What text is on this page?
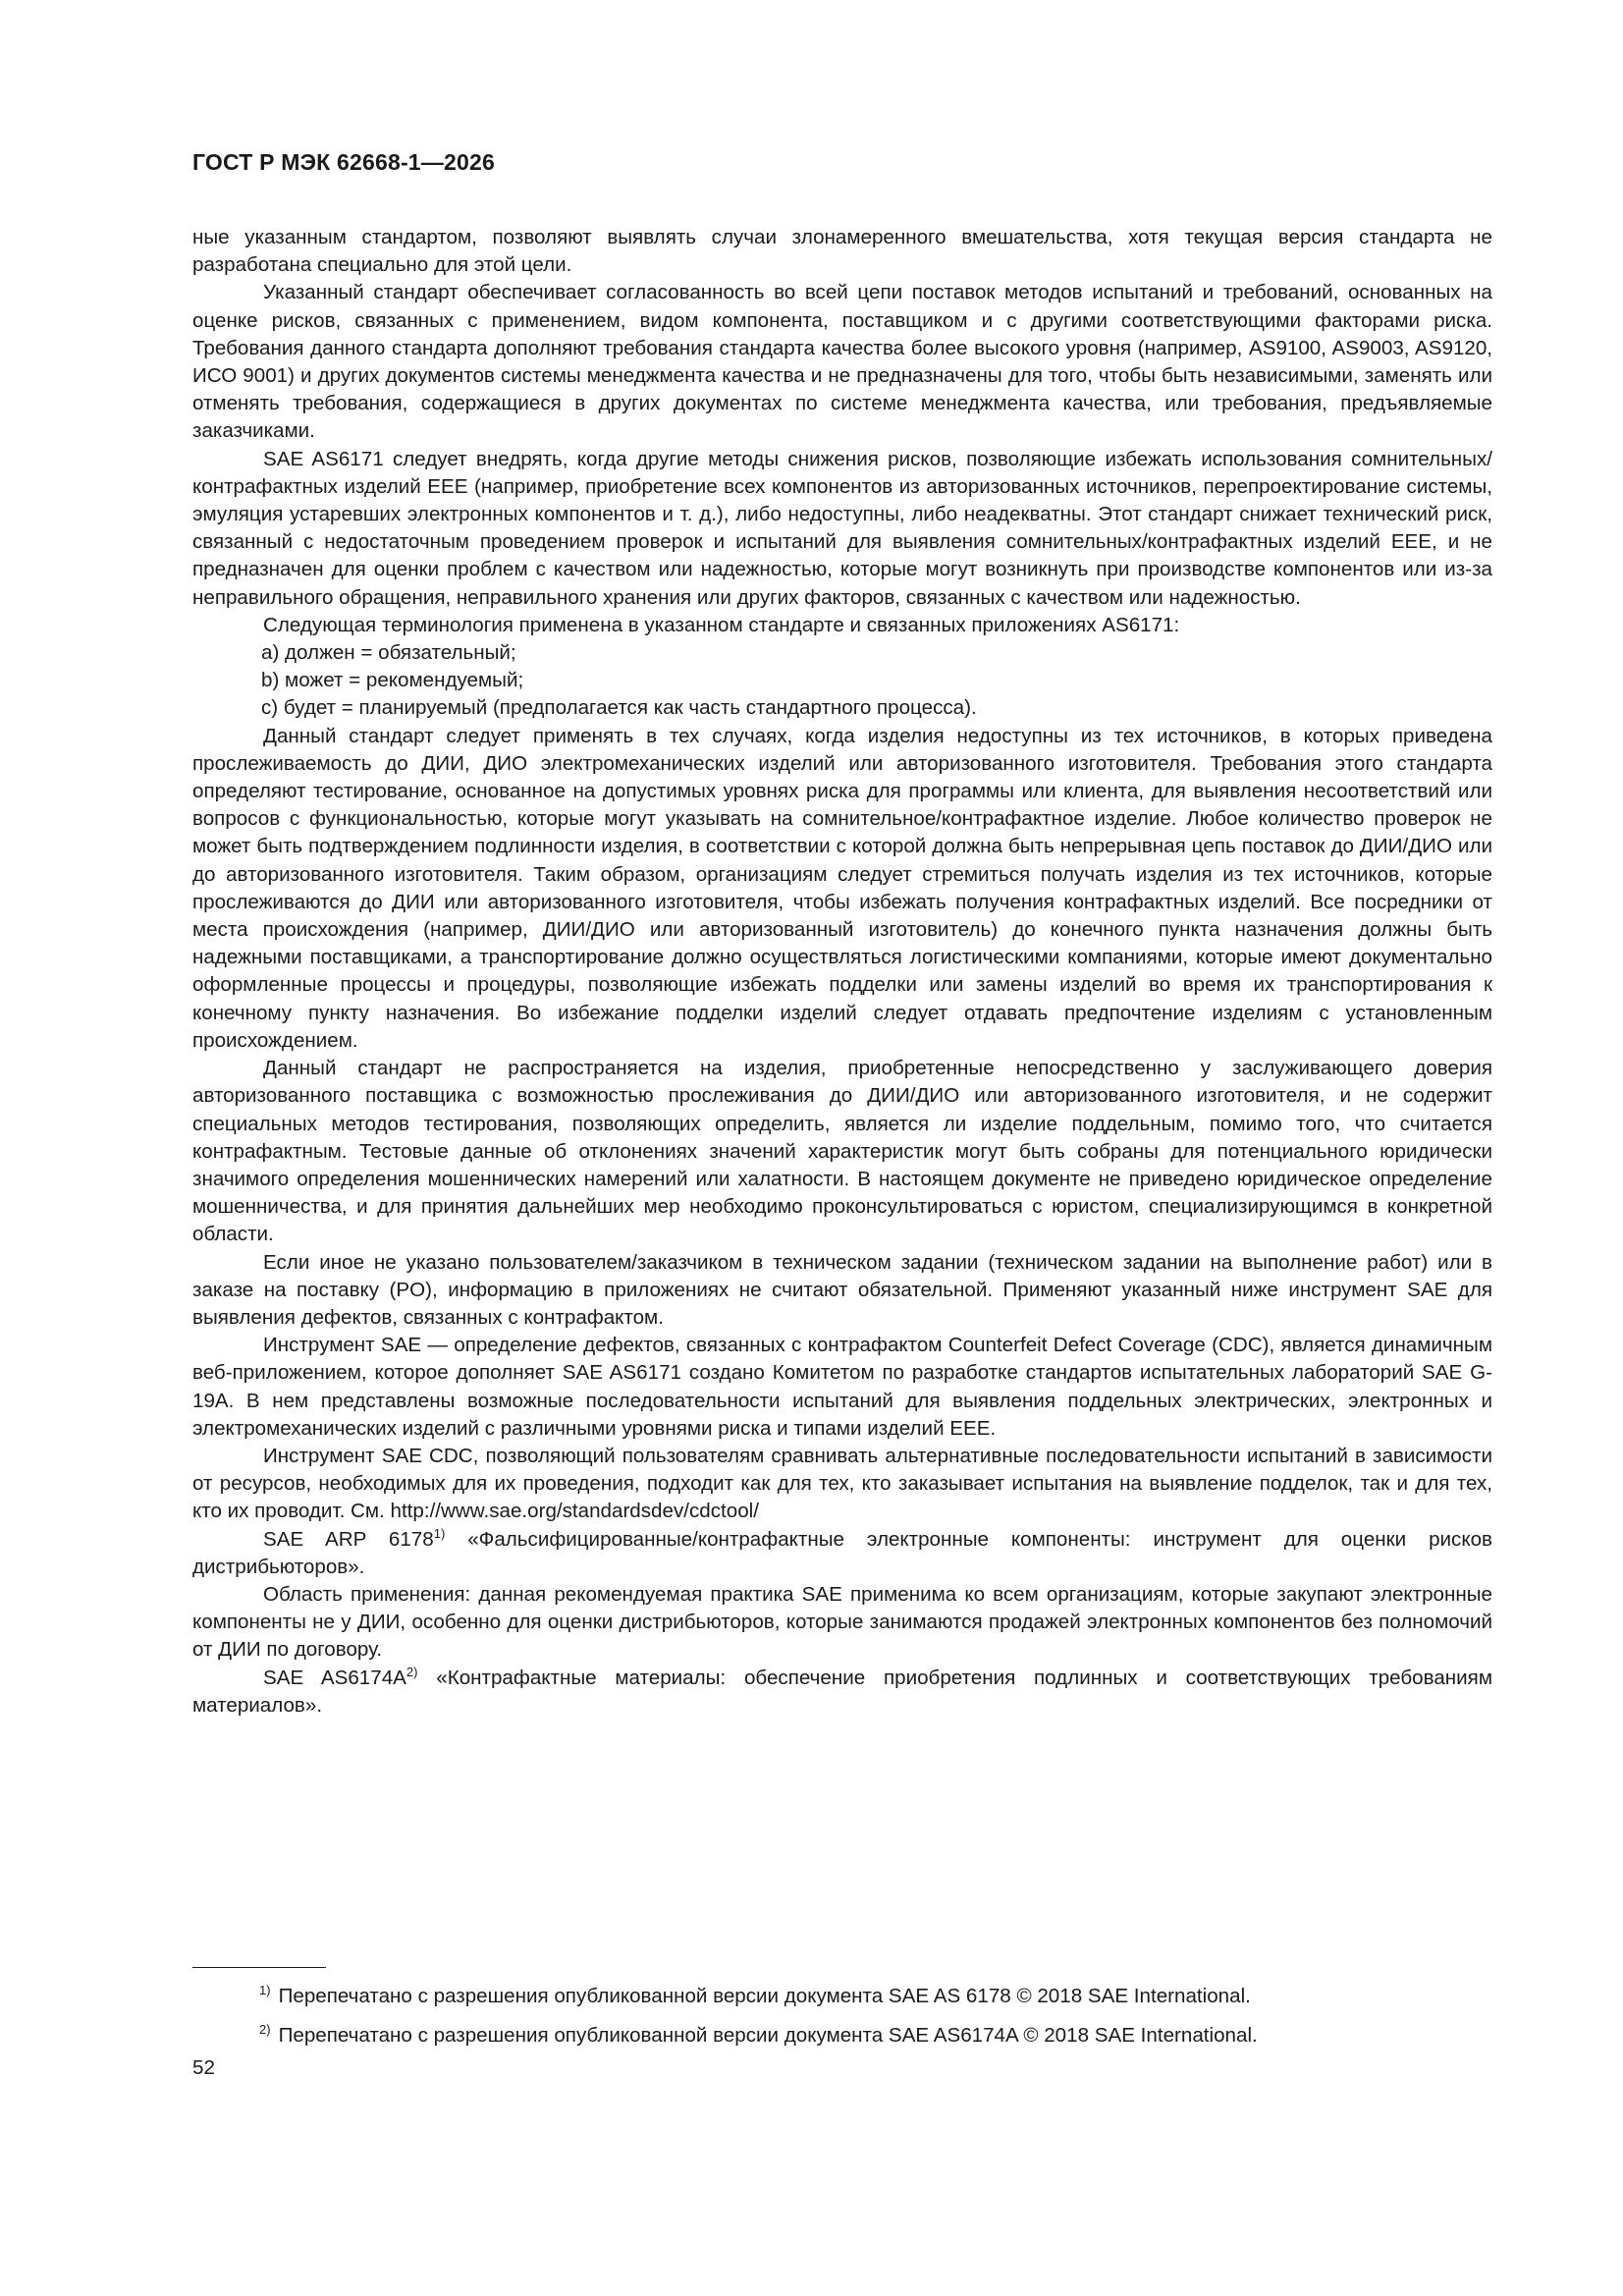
ГОСТ Р МЭК 62668-1—2026

ные указанным стандартом, позволяют выявлять случаи злонамеренного вмешательства, хотя текущая версия стандарта не разработана специально для этой цели.

Указанный стандарт обеспечивает согласованность во всей цепи поставок методов испытаний и требований, основанных на оценке рисков, связанных с применением, видом компонента, поставщиком и с другими соответствующими факторами риска. Требования данного стандарта дополняют требования стандарта качества более высокого уровня (например, AS9100, AS9003, AS9120, ИСО 9001) и других документов системы менеджмента качества и не предназначены для того, чтобы быть независимыми, заменять или отменять требования, содержащиеся в других документах по системе менеджмента качества, или требования, предъявляемые заказчиками.

SAE AS6171 следует внедрять, когда другие методы снижения рисков, позволяющие избежать использования сомнительных/контрафактных изделий ЕЕЕ (например, приобретение всех компонентов из авторизованных источников, перепроектирование системы, эмуляция устаревших электронных компонентов и т. д.), либо недоступны, либо неадекватны. Этот стандарт снижает технический риск, связанный с недостаточным проведением проверок и испытаний для выявления сомнительных/контрафактных изделий ЕЕЕ, и не предназначен для оценки проблем с качеством или надежностью, которые могут возникнуть при производстве компонентов или из-за неправильного обращения, неправильного хранения или других факторов, связанных с качеством или надежностью.

Следующая терминология применена в указанном стандарте и связанных приложениях AS6171:

а) должен = обязательный;

b) может = рекомендуемый;

с) будет = планируемый (предполагается как часть стандартного процесса).

Данный стандарт следует применять в тех случаях, когда изделия недоступны из тех источников, в которых приведена прослеживаемость до ДИИ, ДИО электромеханических изделий или авторизованного изготовителя. Требования этого стандарта определяют тестирование, основанное на допустимых уровнях риска для программы или клиента, для выявления несоответствий или вопросов с функциональностью, которые могут указывать на сомнительное/контрафактное изделие. Любое количество проверок не может быть подтверждением подлинности изделия, в соответствии с которой должна быть непрерывная цепь поставок до ДИИ/ДИО или до авторизованного изготовителя. Таким образом, организациям следует стремиться получать изделия из тех источников, которые прослеживаются до ДИИ или авторизованного изготовителя, чтобы избежать получения контрафактных изделий. Все посредники от места происхождения (например, ДИИ/ДИО или авторизованный изготовитель) до конечного пункта назначения должны быть надежными поставщиками, а транспортирование должно осуществляться логистическими компаниями, которые имеют документально оформленные процессы и процедуры, позволяющие избежать подделки или замены изделий во время их транспортирования к конечному пункту назначения. Во избежание подделки изделий следует отдавать предпочтение изделиям с установленным происхождением.

Данный стандарт не распространяется на изделия, приобретенные непосредственно у заслуживающего доверия авторизованного поставщика с возможностью прослеживания до ДИИ/ДИО или авторизованного изготовителя, и не содержит специальных методов тестирования, позволяющих определить, является ли изделие поддельным, помимо того, что считается контрафактным. Тестовые данные об отклонениях значений характеристик могут быть собраны для потенциального юридически значимого определения мошеннических намерений или халатности. В настоящем документе не приведено юридическое определение мошенничества, и для принятия дальнейших мер необходимо проконсультироваться с юристом, специализирующимся в конкретной области.

Если иное не указано пользователем/заказчиком в техническом задании (техническом задании на выполнение работ) или в заказе на поставку (PO), информацию в приложениях не считают обязательной. Применяют указанный ниже инструмент SAE для выявления дефектов, связанных с контрафактом.

Инструмент SAE — определение дефектов, связанных с контрафактом Counterfeit Defect Coverage (CDC), является динамичным веб-приложением, которое дополняет SAE AS6171 создано Комитетом по разработке стандартов испытательных лабораторий SAE G-19A. В нем представлены возможные последовательности испытаний для выявления поддельных электрических, электронных и электромеханических изделий с различными уровнями риска и типами изделий ЕЕЕ.

Инструмент SAE CDC, позволяющий пользователям сравнивать альтернативные последовательности испытаний в зависимости от ресурсов, необходимых для их проведения, подходит как для тех, кто заказывает испытания на выявление подделок, так и для тех, кто их проводит. См. http://www.sae.org/standardsdev/cdctool/

SAE ARP 6178$^{1)}$ «Фальсифицированные/контрафактные электронные компоненты: инструмент для оценки рисков дистрибьюторов».

Область применения: данная рекомендуемая практика SAE применима ко всем организациям, которые закупают электронные компоненты не у ДИИ, особенно для оценки дистрибьюторов, которые занимаются продажей электронных компонентов без полномочий от ДИИ по договору.

SAE $AS6174A^{2)}$ «Контрафактные материалы: обеспечение приобретения подлинных и соответствующих требованиям материалов».

$^{1)}$ Перепечатано с разрешения опубликованной версии документа SAE AS 6178 © 2018 SAE International.

$^{2)}$ Перепечатано с разрешения опубликованной версии документа SAE AS6174A © 2018 SAE International.

52
